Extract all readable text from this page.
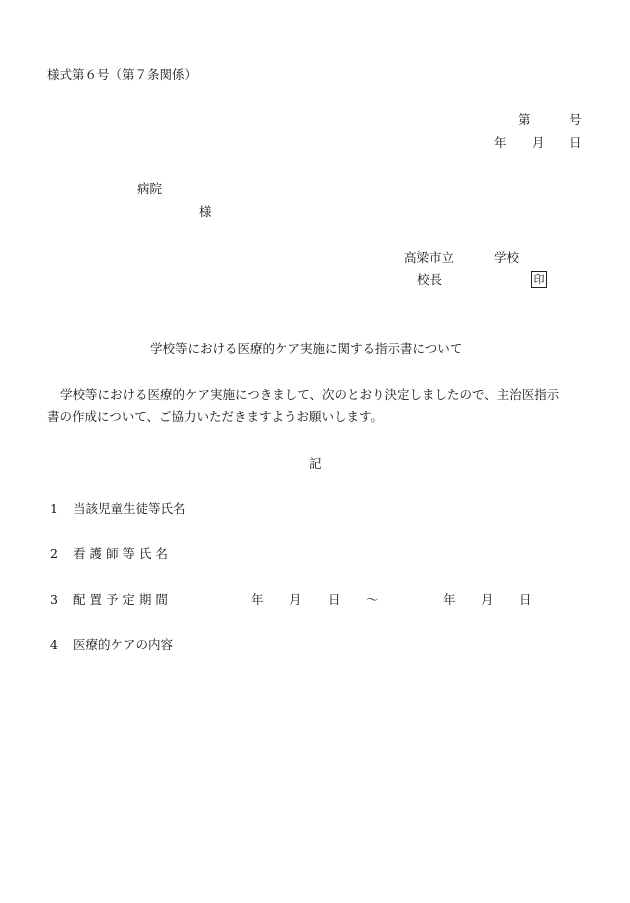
様式第６号（第７条関係）
第	号
年 月 日
病院
様
高梁市立	学校
校長	印
学校等における医療的ケア実施に関する指示書について
学校等における医療的ケア実施につきまして、次のとおり決定しましたので、主治医指示
書の作成について、ご協力いただきますようお願いします。
記
1 当該児童生徒等氏名
2 看 護 師 等 氏 名
3 配 置 予 定 期 間	年 月 日 ～	年 月 日
4 医療的ケアの内容
